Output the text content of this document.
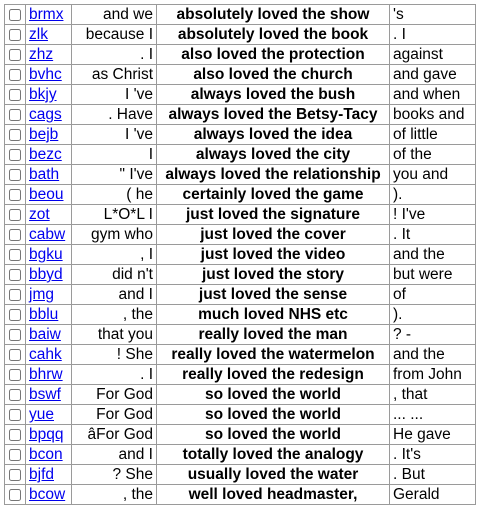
	brmx	and we	absolutely loved the show	's
	zlk	because I	absolutely loved the book	. I
	zhz	. I	also loved the protection	against
	bvhc	as Christ	also loved the church	and gave
	bkjy	I 've	always loved the bush	and when
	cags	. Have	always loved the Betsy-Tacy	books and
	bejb	I 've	always loved the idea	of little
	bezc	I	always loved the city	of the
	bath	" I've	always loved the relationship	you and
	beou	( he	certainly loved the game	).
	zot	L*O*L I	just loved the signature	! I've
	cabw	gym who	just loved the cover	. It
	bgku	, I	just loved the video	and the
	bbyd	did n't	just loved the story	but were
	jmg	and I	just loved the sense	of
	bblu	, the	much loved NHS etc	).
	baiw	that you	really loved the man	? -
	cahk	! She	really loved the watermelon	and the
	bhrw	. I	really loved the redesign	from John
	bswf	For God	so loved the world	, that
	yue	For God	so loved the world	... ...
	bpqq	âFor God	so loved the world	He gave
	bcon	and I	totally loved the analogy	. It's
	bjfd	? She	usually loved the water	. But
	bcow	, the	well loved headmaster,	Gerald
